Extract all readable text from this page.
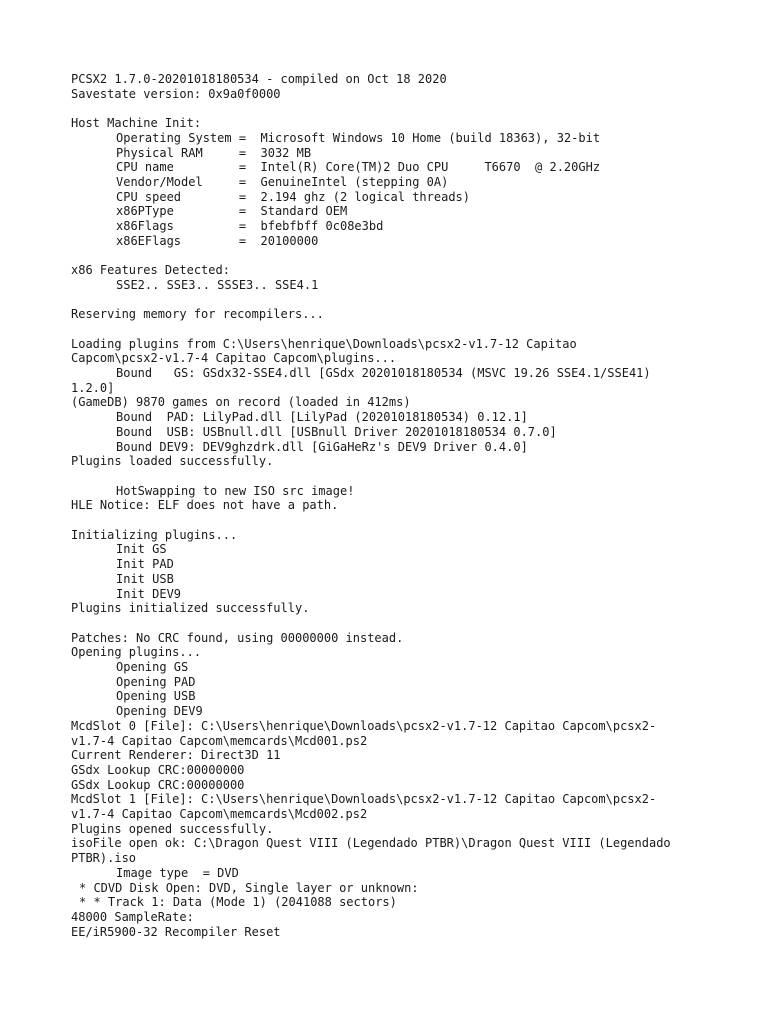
PCSX2 1.7.0-20201018180534 - compiled on Oct 18 2020
Savestate version: 0x9a0f0000
Host Machine Init:
Operating System =  Microsoft Windows 10 Home (build 18363), 32-bit
Physical RAM     =  3032 MB
CPU name         =  Intel(R) Core(TM)2 Duo CPU     T6670  @ 2.20GHz
Vendor/Model     =  GenuineIntel (stepping 0A)
CPU speed        =  2.194 ghz (2 logical threads)
x86PType         =  Standard OEM
x86Flags         =  bfebfbff 0c08e3bd
x86EFlags        =  20100000
x86 Features Detected:
SSE2.. SSE3.. SSSE3.. SSE4.1
Reserving memory for recompilers...
Loading plugins from C:\Users\henrique\Downloads\pcsx2-v1.7-12 Capitao
Capcom\pcsx2-v1.7-4 Capitao Capcom\plugins...
Bound   GS: GSdx32-SSE4.dll [GSdx 20201018180534 (MSVC 19.26 SSE4.1/SSE41)
1.2.0]
(GameDB) 9870 games on record (loaded in 412ms)
Bound  PAD: LilyPad.dll [LilyPad (20201018180534) 0.12.1]
Bound  USB: USBnull.dll [USBnull Driver 20201018180534 0.7.0]
Bound DEV9: DEV9ghzdrk.dll [GiGaHeRz's DEV9 Driver 0.4.0]
Plugins loaded successfully.
HotSwapping to new ISO src image!
HLE Notice: ELF does not have a path.
Initializing plugins...
Init GS
Init PAD
Init USB
Init DEV9
Plugins initialized successfully.
Patches: No CRC found, using 00000000 instead.
Opening plugins...
Opening GS
Opening PAD
Opening USB
Opening DEV9
McdSlot 0 [File]: C:\Users\henrique\Downloads\pcsx2-v1.7-12 Capitao Capcom\pcsx2-
v1.7-4 Capitao Capcom\memcards\Mcd001.ps2
Current Renderer: Direct3D 11
GSdx Lookup CRC:00000000
GSdx Lookup CRC:00000000
McdSlot 1 [File]: C:\Users\henrique\Downloads\pcsx2-v1.7-12 Capitao Capcom\pcsx2-
v1.7-4 Capitao Capcom\memcards\Mcd002.ps2
Plugins opened successfully.
isoFile open ok: C:\Dragon Quest VIII (Legendado PTBR)\Dragon Quest VIII (Legendado
PTBR).iso
Image type  = DVD
* CDVD Disk Open: DVD, Single layer or unknown:
* * Track 1: Data (Mode 1) (2041088 sectors)
48000 SampleRate:
EE/iR5900-32 Recompiler Reset
